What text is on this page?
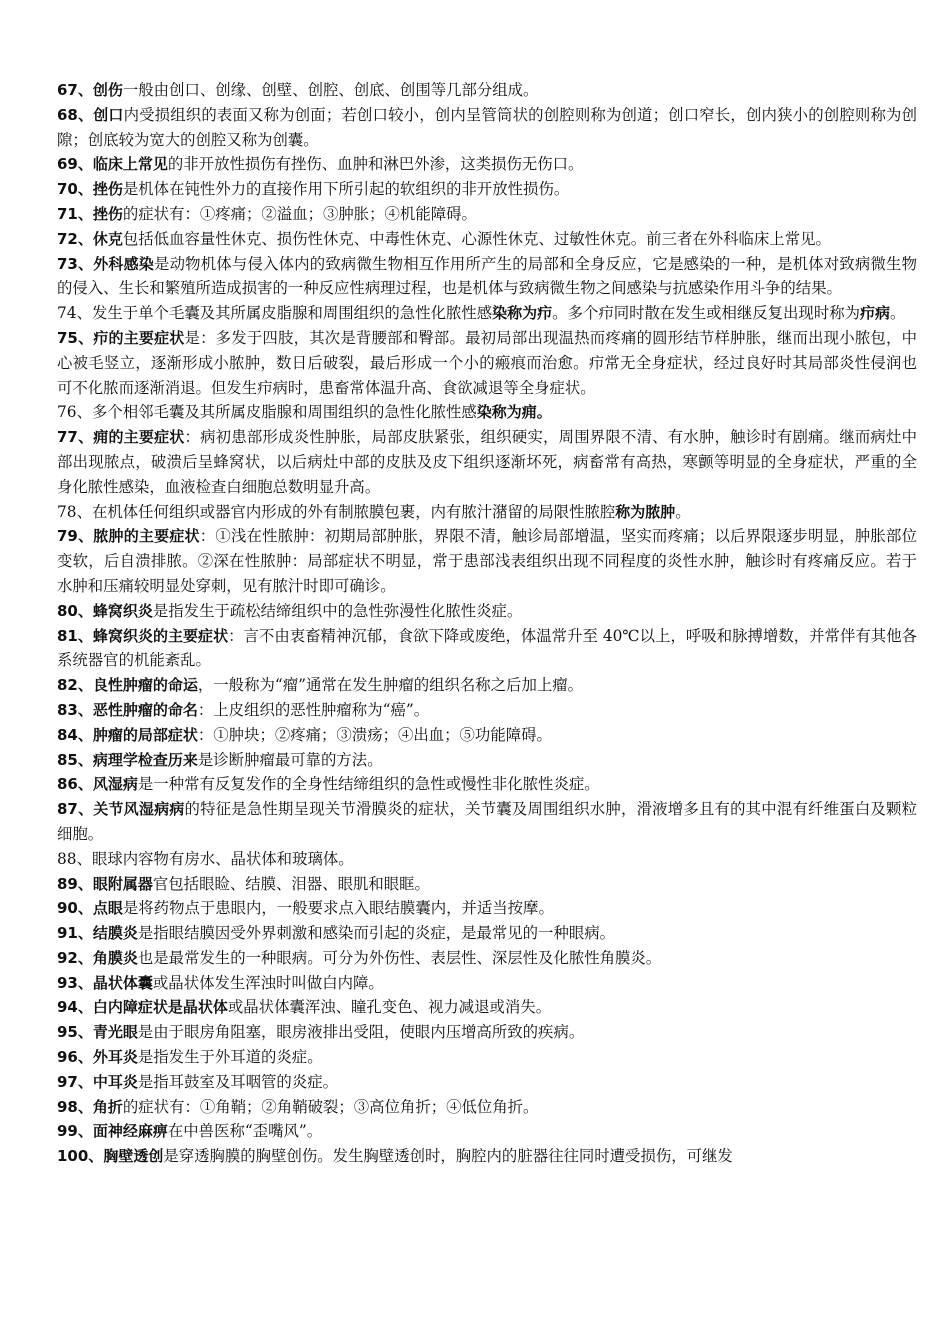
67、创伤一般由创口、创缘、创壁、创腔、创底、创围等几部分组成。

68、创口内受损组织的表面又称为创面；若创口较小，创内呈管筒状的创腔则称为创道；创口窄长，创内狭小的创腔则称为创隙；创底较为宽大的创腔又称为创囊。

69、临床上常见的非开放性损伤有挫伤、血肿和淋巴外渗，这类损伤无伤口。

70、挫伤是机体在钝性外力的直接作用下所引起的软组织的非开放性损伤。

71、挫伤的症状有：①疼痛；②溢血；③肿胀；④机能障碍。

72、休克包括低血容量性休克、损伤性休克、中毒性休克、心源性休克、过敏性休克。前三者在外科临床上常见。

73、外科感染是动物机体与侵入体内的致病微生物相互作用所产生的局部和全身反应，它是感染的一种，是机体对致病微生物的侵入、生长和繁殖所造成损害的一种反应性病理过程，也是机体与致病微生物之间感染与抗感染作用斗争的结果。

74、发生于单个毛囊及其所属皮脂腺和周围组织的急性化脓性感染称为疖。多个疖同时散在发生或相继反复出现时称为疖病。

75、疖的主要症状是：多发于四肢，其次是背腰部和臀部。最初局部出现温热而疼痛的圆形结节样肿胀，继而出现小脓包，中心被毛竖立，逐渐形成小脓肿，数日后破裂，最后形成一个小的瘢痕而治愈。疖常无全身症状，经过良好时其局部炎性侵润也可不化脓而逐渐消退。但发生疖病时，患畜常体温升高、食欲减退等全身症状。

76、多个相邻毛囊及其所属皮脂腺和周围组织的急性化脓性感染称为痈。

77、痈的主要症状：病初患部形成炎性肿胀，局部皮肤紧张，组织硬实，周围界限不清、有水肿，触诊时有剧痛。继而病灶中部出现脓点，破溃后呈蜂窝状，以后病灶中部的皮肤及皮下组织逐渐坏死，病畜常有高热，寒颤等明显的全身症状，严重的全身化脓性感染，血液检查白细胞总数明显升高。

78、在机体任何组织或器官内形成的外有制脓膜包裹，内有脓汁潴留的局限性脓腔称为脓肿。

79、脓肿的主要症状：①浅在性脓肿：初期局部肿胀，界限不清，触诊局部增温，坚实而疼痛；以后界限逐步明显，肿胀部位变软，后自溃排脓。②深在性脓肿：局部症状不明显，常于患部浅表组织出现不同程度的炎性水肿，触诊时有疼痛反应。若于水肿和压痛较明显处穿刺，见有脓汁时即可确诊。

80、蜂窝织炎是指发生于疏松结缔组织中的急性弥漫性化脓性炎症。

81、蜂窝织炎的主要症状：言不由衷畜精神沉郁，食欲下降或废绝，体温常升至 40℃以上，呼吸和脉搏增数，并常伴有其他各系统器官的机能紊乱。

82、良性肿瘤的命运，一般称为“瘤”通常在发生肿瘤的组织名称之后加上瘤。

83、恶性肿瘤的命名：上皮组织的恶性肿瘤称为“癌”。

84、肿瘤的局部症状：①肿块；②疼痛；③溃疡；④出血；⑤功能障碍。

85、病理学检查历来是诊断肿瘤最可靠的方法。

86、风湿病是一种常有反复发作的全身性结缔组织的急性或慢性非化脓性炎症。

87、关节风湿病病的特征是急性期呈现关节滑膜炎的症状，关节囊及周围组织水肿，滑液增多且有的其中混有纤维蛋白及颗粒细胞。

88、眼球内容物有房水、晶状体和玻璃体。

89、眼附属器官包括眼睑、结膜、泪器、眼肌和眼眶。

90、点眼是将药物点于患眼内，一般要求点入眼结膜囊内，并适当按摩。

91、结膜炎是指眼结膜因受外界刺激和感染而引起的炎症，是最常见的一种眼病。

92、角膜炎也是最常发生的一种眼病。可分为外伤性、表层性、深层性及化脓性角膜炎。

93、晶状体囊或晶状体发生浑浊时叫做白内障。

94、白内障症状是晶状体或晶状体囊浑浊、瞳孔变色、视力减退或消失。

95、青光眼是由于眼房角阻塞，眼房液排出受阻，使眼内压增高所致的疾病。

96、外耳炎是指发生于外耳道的炎症。

97、中耳炎是指耳鼓室及耳咽管的炎症。

98、角折的症状有：①角鞘；②角鞘破裂；③高位角折；④低位角折。

99、面神经麻痹在中兽医称“歪嘴风”。

100、胸壁透创是穿透胸膜的胸壁创伤。发生胸壁透创时，胸腔内的脏器往往同时遭受损伤，可继发
